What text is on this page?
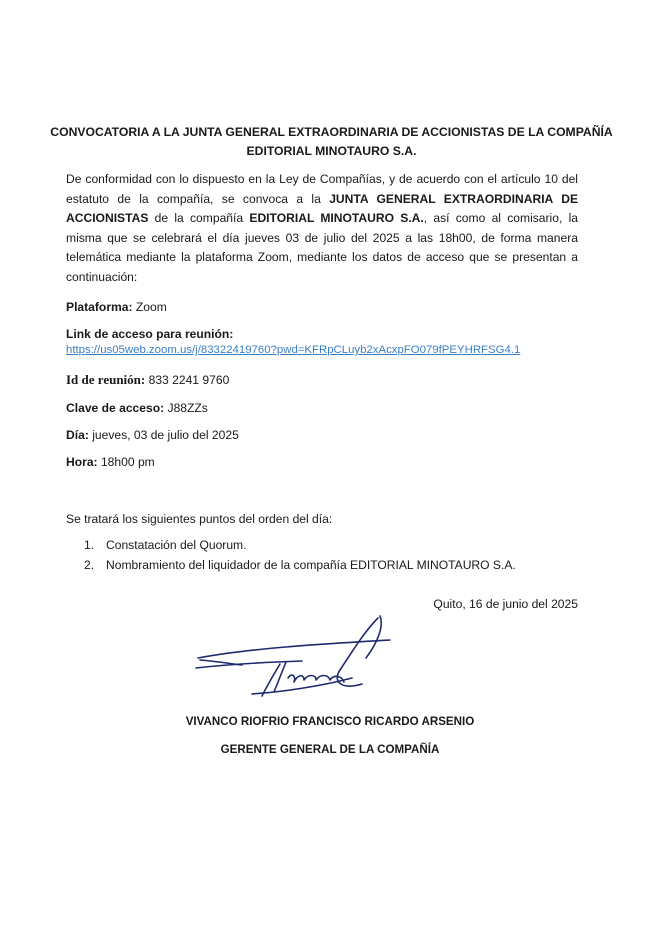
CONVOCATORIA A LA JUNTA GENERAL EXTRAORDINARIA DE ACCIONISTAS DE LA COMPAÑÍA
EDITORIAL MINOTAURO S.A.

De conformidad con lo dispuesto en la Ley de Compañías, y de acuerdo con el artículo 10 del estatuto de la compañía, se convoca a la JUNTA GENERAL EXTRAORDINARIA DE ACCIONISTAS de la compañía EDITORIAL MINOTAURO S.A., así como al comisario, la misma que se celebrará el día jueves 03 de julio del 2025 a las 18h00, de forma manera telemática mediante la plataforma Zoom, mediante los datos de acceso que se presentan a continuación:

Plataforma: Zoom
Link de acceso para reunión:
https://us05web.zoom.us/j/83322419760?pwd=KFRpCLuyb2xAcxpFO079fPEYHRFSG4.1
Id de reunión: 833 2241 9760
Clave de acceso: J88ZZs
Día: jueves, 03 de julio del 2025
Hora: 18h00 pm
Se tratará los siguientes puntos del orden del día:
1. Constatación del Quorum.
2. Nombramiento del liquidador de la compañía EDITORIAL MINOTAURO S.A.
Quito, 16 de junio del 2025
VIVANCO RIOFRIO FRANCISCO RICARDO ARSENIO
GERENTE GENERAL DE LA COMPAÑÍA
